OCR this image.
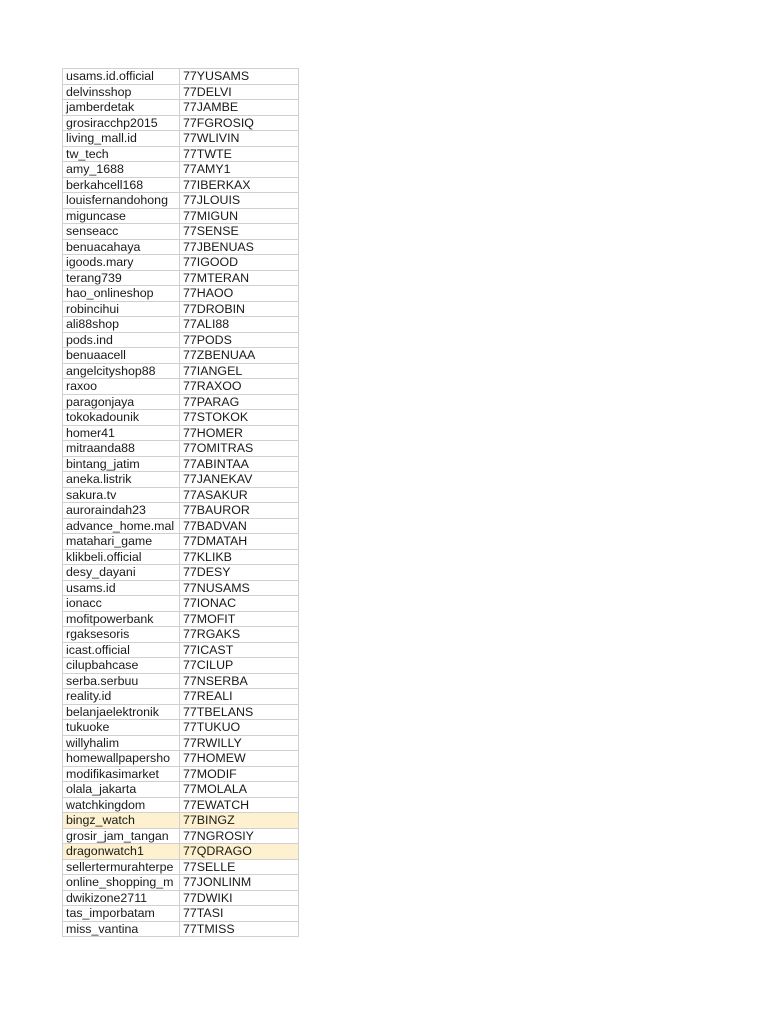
usams.id.official	77YUSAMS
delvinsshop	77DELVI
jamberdetak	77JAMBE
grosiracchp2015	77FGROSIQ
living_mall.id	77WLIVIN
tw_tech	77TWTE
amy_1688	77AMY1
berkahcell168	77IBERKAX
louisfernandohong	77JLOUIS
miguncase	77MIGUN
senseacc	77SENSE
benuacahaya	77JBENUAS
igoods.mary	77IGOOD
terang739	77MTERAN
hao_onlineshop	77HAOO
robincihui	77DROBIN
ali88shop	77ALI88
pods.ind	77PODS
benuaacell	77ZBENUAA
angelcityshop88	77IANGEL
raxoo	77RAXOO
paragonjaya	77PARAG
tokokadounik	77STOKOK
homer41	77HOMER
mitraanda88	77OMITRAS
bintang_jatim	77ABINTAA
aneka.listrik	77JANEKAV
sakura.tv	77ASAKUR
auroraindah23	77BAUROR
advance_home.mal	77BADVAN
matahari_game	77DMATAH
klikbeli.official	77KLIKB
desy_dayani	77DESY
usams.id	77NUSAMS
ionacc	77IONAC
mofitpowerbank	77MOFIT
rgaksesoris	77RGAKS
icast.official	77ICAST
cilupbahcase	77CILUP
serba.serbuu	77NSERBA
reality.id	77REALI
belanjaelektronik	77TBELANS
tukuoke	77TUKUO
willyhalim	77RWILLY
homewallpapersho	77HOMEW
modifikasimarket	77MODIF
olala_jakarta	77MOLALA
watchkingdom	77EWATCH
bingz_watch	77BINGZ
grosir_jam_tangan	77NGROSIY
dragonwatch1	77QDRAGO
sellertermurahterpe	77SELLE
online_shopping_m	77JONLINM
dwikizone2711	77DWIKI
tas_imporbatam	77TASI
miss_vantina	77TMISS
